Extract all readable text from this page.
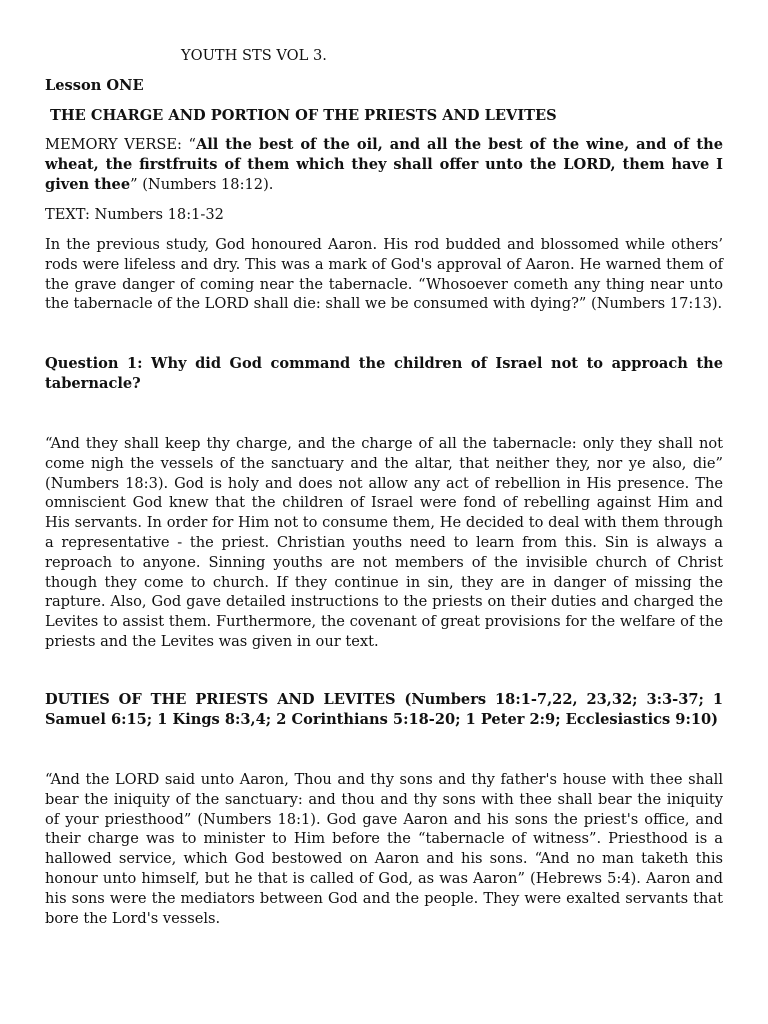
YOUTH STS VOL 3.

Lesson ONE

THE CHARGE AND PORTION OF THE PRIESTS AND LEVITES

MEMORY VERSE: “All the best of the oil, and all the best of the wine, and of the wheat, the firstfruits of them which they shall offer unto the LORD, them have I given thee” (Numbers 18:12).

TEXT: Numbers 18:1-32

In the previous study, God honoured Aaron. His rod budded and blossomed while others’ rods were lifeless and dry. This was a mark of God's approval of Aaron. He warned them of the grave danger of coming near the tabernacle. “Whosoever cometh any thing near unto the tabernacle of the LORD shall die: shall we be consumed with dying?” (Numbers 17:13).

Question 1: Why did God command the children of Israel not to approach the tabernacle?

“And they shall keep thy charge, and the charge of all the tabernacle: only they shall not come nigh the vessels of the sanctuary and the altar, that neither they, nor ye also, die” (Numbers 18:3). God is holy and does not allow any act of rebellion in His presence. The omniscient God knew that the children of Israel were fond of rebelling against Him and His servants. In order for Him not to consume them, He decided to deal with them through a representative - the priest. Christian youths need to learn from this. Sin is always a reproach to anyone. Sinning youths are not members of the invisible church of Christ though they come to church. If they continue in sin, they are in danger of missing the rapture. Also, God gave detailed instructions to the priests on their duties and charged the Levites to assist them. Furthermore, the covenant of great provisions for the welfare of the priests and the Levites was given in our text.

DUTIES OF THE PRIESTS AND LEVITES (Numbers 18:1-7,22, 23,32; 3:3-37; 1 Samuel 6:15; 1 Kings 8:3,4; 2 Corinthians 5:18-20; 1 Peter 2:9; Ecclesiastics 9:10)

“And the LORD said unto Aaron, Thou and thy sons and thy father's house with thee shall bear the iniquity of the sanctuary: and thou and thy sons with thee shall bear the iniquity of your priesthood” (Numbers 18:1). God gave Aaron and his sons the priest's office, and their charge was to minister to Him before the “tabernacle of witness”. Priesthood is a hallowed service, which God bestowed on Aaron and his sons. “And no man taketh this honour unto himself, but he that is called of God, as was Aaron” (Hebrews 5:4). Aaron and his sons were the mediators between God and the people. They were exalted servants that bore the Lord's vessels.
